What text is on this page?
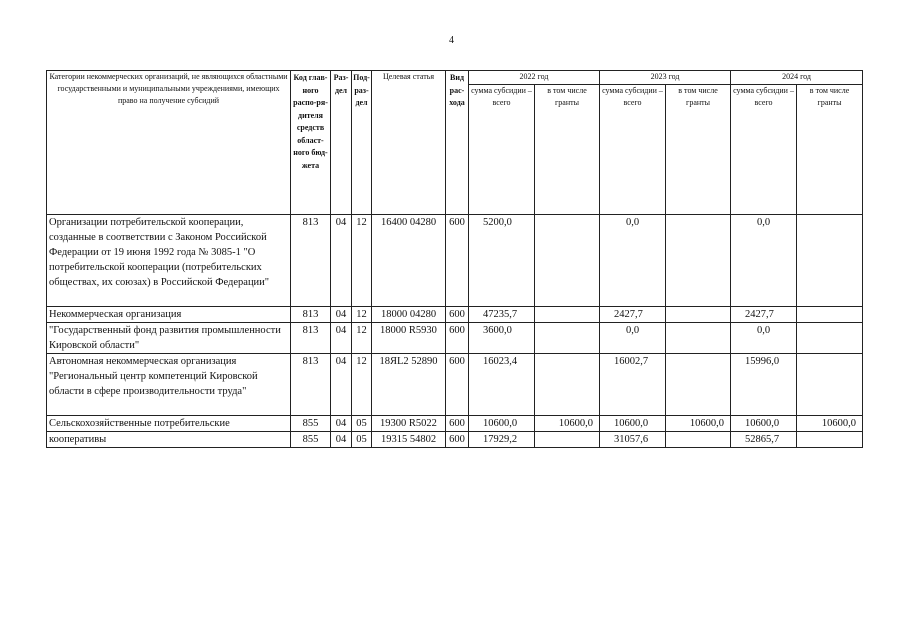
4
Категории некоммерческих организаций, не являющихся областными государственными и муниципальными учреждениями, имеющих право на получение субсидий	Код глав-ного распо-ря-дителя средств област-ного бюд-жета	Раз-дел	Под-раз-дел	Целевая статья	Вид рас-хода	2022 год		2023 год		2024 год	
						сумма субсидии – всего	в том числе гранты	сумма субсидии – всего	в том числе гранты	сумма субсидии – всего	в том числе гранты
Организации потребительской кооперации, созданные в соответствии с Законом Российской Федерации от 19 июня 1992 года № 3085-1 "О потребительской кооперации (потребительских обществах, их союзах) в Российской Федерации"	813	04	12	16400 04280	600	5200,0		0,0		0,0	
Некоммерческая организация	813	04	12	18000 04280	600	47235,7		2427,7		2427,7	
"Государственный фонд развития промышленности Кировской области"	813	04	12	18000 R5930	600	3600,0		0,0		0,0	
Автономная некоммерческая организация "Региональный центр компетенций Кировской области в сфере производительности труда"	813	04	12	18ЯL2 52890	600	16023,4		16002,7		15996,0	
Сельскохозяйственные потребительские	855	04	05	19300 R5022	600	10600,0	10600,0	10600,0	10600,0	10600,0	10600,0
кооперативы	855	04	05	19315 54802	600	17929,2		31057,6		52865,7	
